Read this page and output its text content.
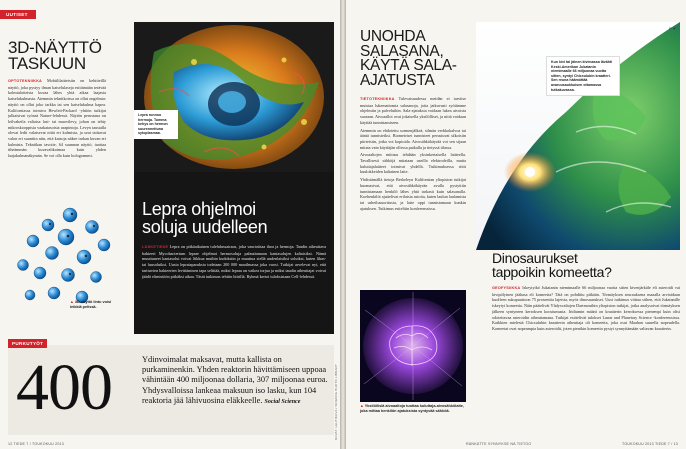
UUTISET
3D-NÄYTTÖ
TASKUUN
OPTOTEKNIIKKA Mobiililaitteisiin on kehitteillä näyttö, joka pystyy ilman katselulaseja esittämään terävää kolmiulotteista kuvaa lähes yhtä aikaa laajasta katselukulmasta. Aiemmin tekniikoissa on ollut ongelmia: näyttö on ollut joko tarkka tai sen katselukulma kapea. Kaliforniassa toimiva Hewlett-Packard -yhtiön tutkijat julkaisivat työnsä Nature-lehdessä. Näytön perustana on leilvakeila valtaisa lasi- tai muovilevy, johon on tehty mikroskooppisia vaakatasoisia urapintoja. Levyn taustalla olevat ledit valaisevat niitä eri kulmista, ja urat taittavat valon eri suuntiin niin, että katsoja näkee tarkan kuvan eri kulmista. Tekniikan tavoite, 64 suunnan näyttö, tuottaa tiheämmän kuvavalikoimaa kuin yhden laajakulmanäkymän. Se voi olla kuin hologrammi.
▲ 3D-näyttö lintu voisi leikkiä pelissä.
Lepra runnoo hermoja. Tumma kehys on hermon suurennettuna sytoplasmaa.
Lepra ohjelmoi
soluja uudelleen
LÄÄKETIEDE Lepra on pitkäaikainen tulehdussairaus, joka vaurioittaa ihoa ja hermoja. Taudin aiheuttava bakteeri Mycobacterium leprae ohjelmoi hermosoluja palauttamaan kantasolujen kaltaisiksi. Nämä muuttuneet kantasolut voivat liikkua muihin kudoksiin ja muuttua siellä uudenlaisiksi soluiksi, kuten lihas- tai luusoluiksi. Uusia leprataparuksia todetaan 200 000 maailmassa joka vuosi. Tutkijat arvelevat nyt, että tarttuvien bakteerien levittämisen tapa selittää, miksi lepraa on vaikea torjua ja miksi taudin aiheuttajat voivat jäädä elimistöön pitkäksi aikaa. Tästä tutkimus tehtiin hiirillä. Ryhmä kertoi tuloksistaan Cell-lehdessä.
KUVAT: LEHTIKUVA / SCIENCE PHOTO LIBRARY
PURKUTYÖT
400	Ydinvoimalat maksavat, mutta kallista on purkaminenkin. Yhden reaktorin hävittämiseen uppoaa vähintään 400 miljoonaa dollaria, 307 miljoonaa euroa. Yhdysvalloissa lankeaa maksuun iso lasku, kun 104 reaktoria jää lähivuosina eläkkeelle. Social Science
12 TIEDE 7 / TOUKOKUU 2013
UNOHDA
SALASANA,
KÄYTÄ SALA-
AJATUSTA
TIETOTEKNIIKKA Tulevaisuudessa meidän ei tarvitse muistaa lukemattomia salasanoja, joita jatkuvasti syötämme ohjelmiin ja palveluihin. Sala-ajatuksia voidaan lukea aivoista suoraan. Aivoaallot ovat jokaisella yksilölliset, ja niitä voidaan käyttää tunnistamiseen.
Aiemmin on ehdotettu sormenjälkeä, silmän verkkokalvoa tai ääntä tunnisteiksi. Biometriset tunnisteet perustuvat ulkoisiin piirteisiin, jotka voi kopioida. Aivosähkökäyrää voi sen sijaan mitata vain käyttäjän ollessa paikalla ja tietyssä tilassa.
Aivoaaltojen mittaus tehdään yksinkertaisella laitteella. Tavallisesti sähköjä mitataan useilla elektrodeilla, mutta kuluttajalaitteet toimivat yhdellä. Tutkimuksessa riitti kuulokkeiden kaltainen laite.
Yhdistämällä tietoja Berkeleyn Kalifornian yliopiston tutkijat huomasivat, että aivosähkökäyrän avulla pystyttiin tunnistamaan henkilö lähes yhtä tarkasti kuin salasanalla. Koehenkilöt ajattelivat erilaisia asioita, kuten laulun laulamista tai urheilusuoritusta, ja laite oppi tunnistamaan kunkin ajatuksen. Tutkimus esiteltiin konferenssissa.
▲ Yksilöllisiä aivoaaltoja tuottaa kuluttaja-aivosähkölaite, joka mittaa henkilön ajatuksista syntyvää sähköä.
Kun kivi tai jäinen kivimassa lävähti Keski-Amerikan Jukatanin niemimaalle 66 miljoonaa vuotta sitten, syntyi Chicxulubin kraatteri. Sen reuna häämöttää avaruusaukkuisen ottamassa tutkakuvassa.
P ✦
Dinosaurukset
tappoikin komeetta?
GEOFYSIIKKA Iskeytyikö Jukatanin niemimaalle 66 miljoonaa vuotta sitten kivenjärkäle eli asteroidi vai kivipölyinen jääkasa eli komeetta? Tätä on pohdittu pitkään. Törmäyksen seurauksena maaalla arvioidaan kuolleen sukupuuttoon 75 prosenttia lajeista, myös dinosaurukset. Uusi tutkimus viittaa siihen, että Jukatanille iskeytyi komeetta. Näin päätelivät Yhdysvaltojen Dartmouthin yliopiston tutkijat, jotka analysoivat törmäyksen jälkeen syntyneen kerroksen koostumusta. Iridiumin määrä on kraatterin kerroksessa pienempi kuin olisi odotettavaa asteroidin aiheuttamana. Tutkijat esittelivät tulokset Lunar and Planetary Science -konferenssissa. Kaikkien mielestä Chicxulubin kraatterin aiheuttaja oli komeetta, joka osui Maahan suurella nopeudella. Komeetat ovat nopeampia kuin asteroidit, joten pienikin komeetta pystyi synnyttämään valtavan kraatterin.
RÄNKÄTTE SYNNYKSE NÄ TIETOO	TOUKOKUU 2013 TIEDE 7 / 13
